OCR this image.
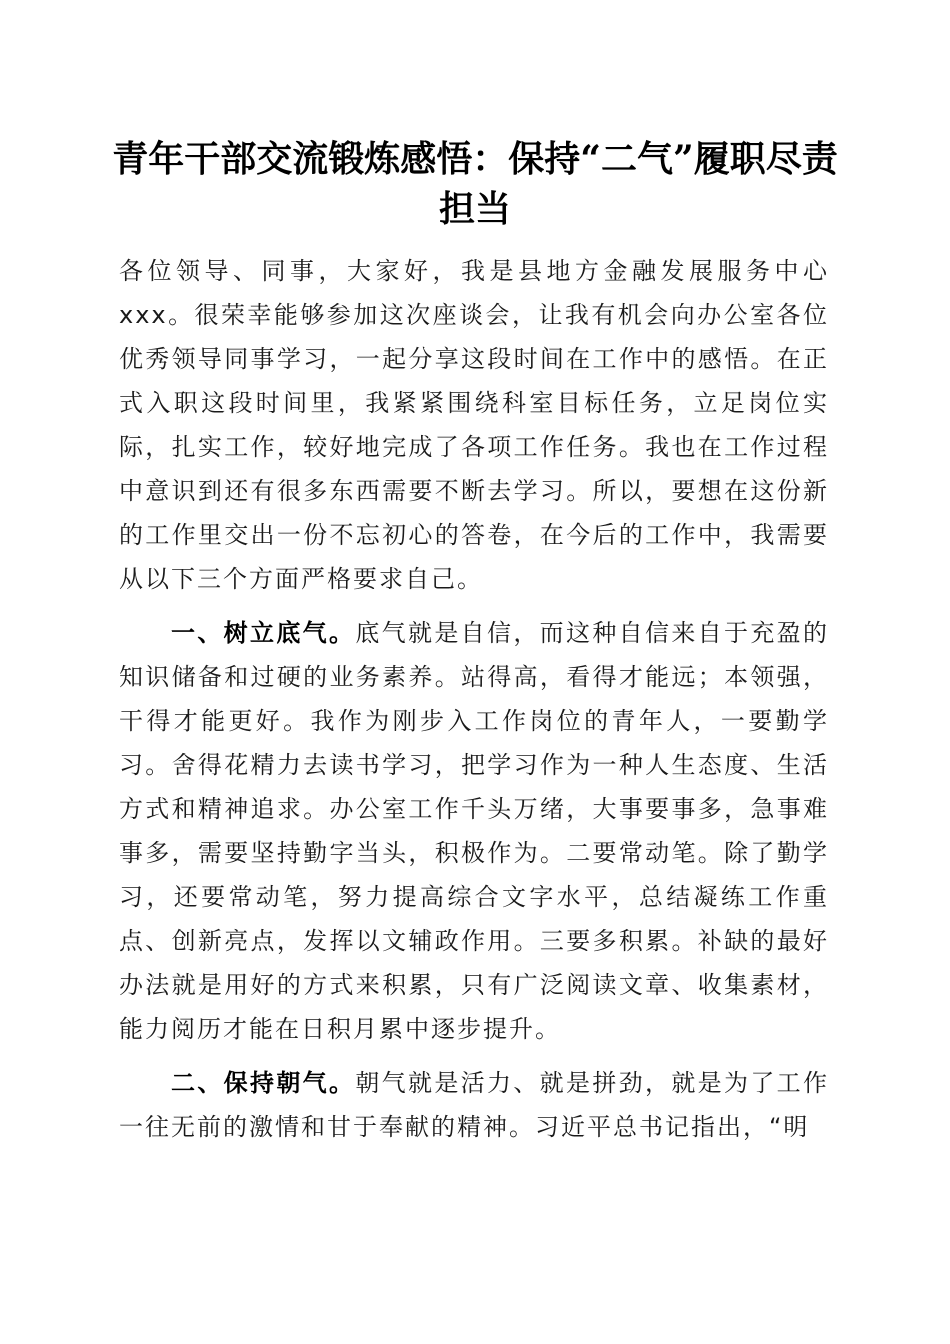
青年干部交流锻炼感悟：保持“二气”履职尽责担当

各位领导、同事，大家好，我是县地方金融发展服务中心xxx。很荣幸能够参加这次座谈会，让我有机会向办公室各位优秀领导同事学习，一起分享这段时间在工作中的感悟。在正式入职这段时间里，我紧紧围绕科室目标任务，立足岗位实际，扎实工作，较好地完成了各项工作任务。我也在工作过程中意识到还有很多东西需要不断去学习。所以，要想在这份新的工作里交出一份不忘初心的答卷，在今后的工作中，我需要从以下三个方面严格要求自己。

一、树立底气。底气就是自信，而这种自信来自于充盈的知识储备和过硬的业务素养。站得高，看得才能远；本领强，干得才能更好。我作为刚步入工作岗位的青年人，一要勤学习。舍得花精力去读书学习，把学习作为一种人生态度、生活方式和精神追求。办公室工作千头万绪，大事要事多，急事难事多，需要坚持勤字当头，积极作为。二要常动笔。除了勤学习，还要常动笔，努力提高综合文字水平，总结凝练工作重点、创新亮点，发挥以文辅政作用。三要多积累。补缺的最好办法就是用好的方式来积累，只有广泛阅读文章、收集素材，能力阅历才能在日积月累中逐步提升。

二、保持朝气。朝气就是活力、就是拼劲，就是为了工作一往无前的激情和甘于奉献的精神。习近平总书记指出，“明
